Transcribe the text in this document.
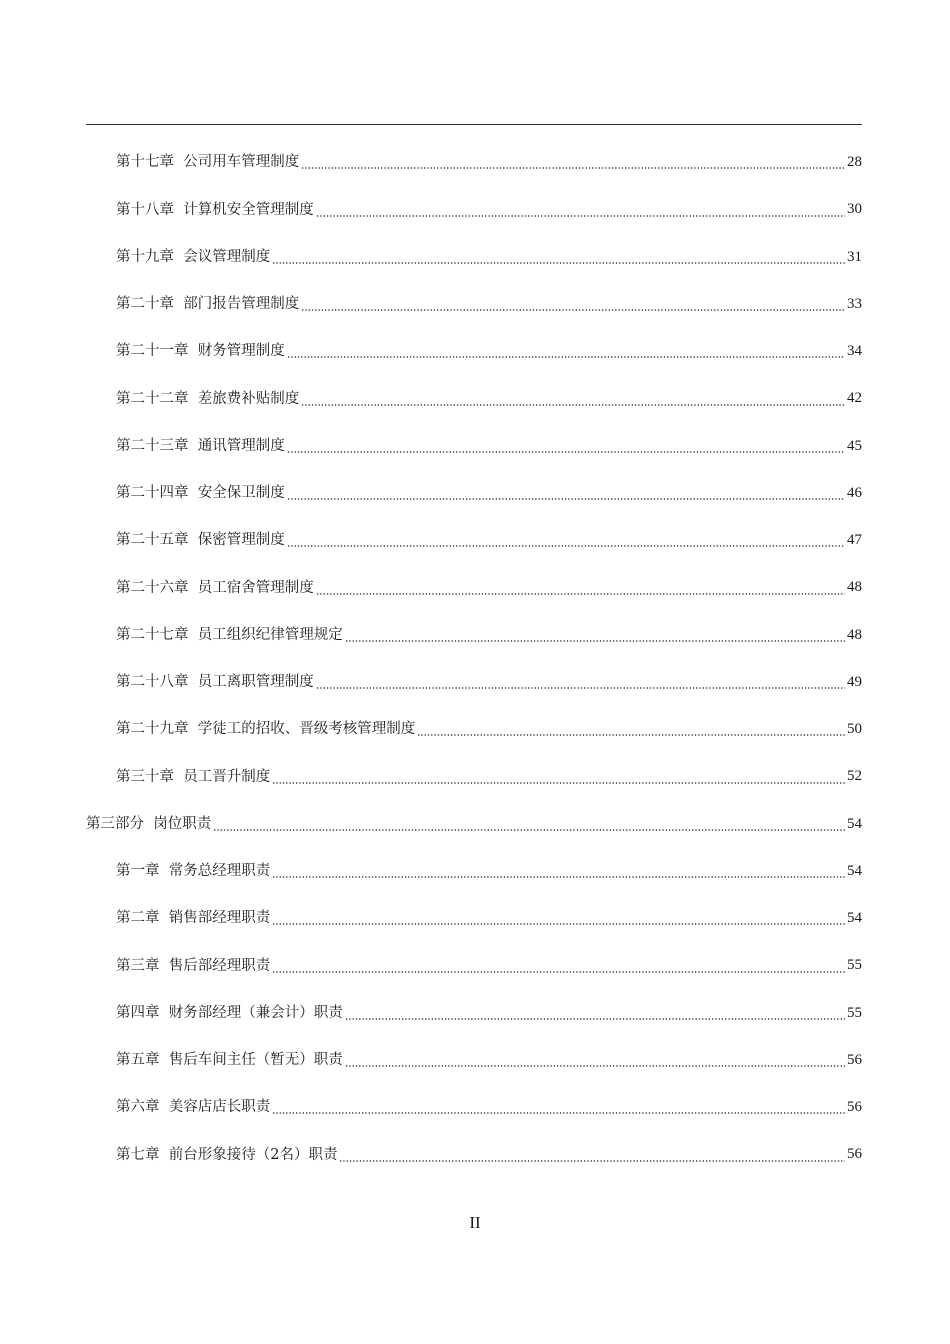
第十七章  公司用车管理制度	28
第十八章  计算机安全管理制度	30
第十九章  会议管理制度	31
第二十章  部门报告管理制度	33
第二十一章  财务管理制度	34
第二十二章  差旅费补贴制度	42
第二十三章  通讯管理制度	45
第二十四章  安全保卫制度	46
第二十五章  保密管理制度	47
第二十六章  员工宿舍管理制度	48
第二十七章  员工组织纪律管理规定	48
第二十八章  员工离职管理制度	49
第二十九章  学徒工的招收、晋级考核管理制度	50
第三十章  员工晋升制度	52
第三部分  岗位职责	54
第一章  常务总经理职责	54
第二章  销售部经理职责	54
第三章  售后部经理职责	55
第四章  财务部经理（兼会计）职责	55
第五章  售后车间主任（暂无）职责	56
第六章  美容店店长职责	56
第七章  前台形象接待（2名）职责	56
II
